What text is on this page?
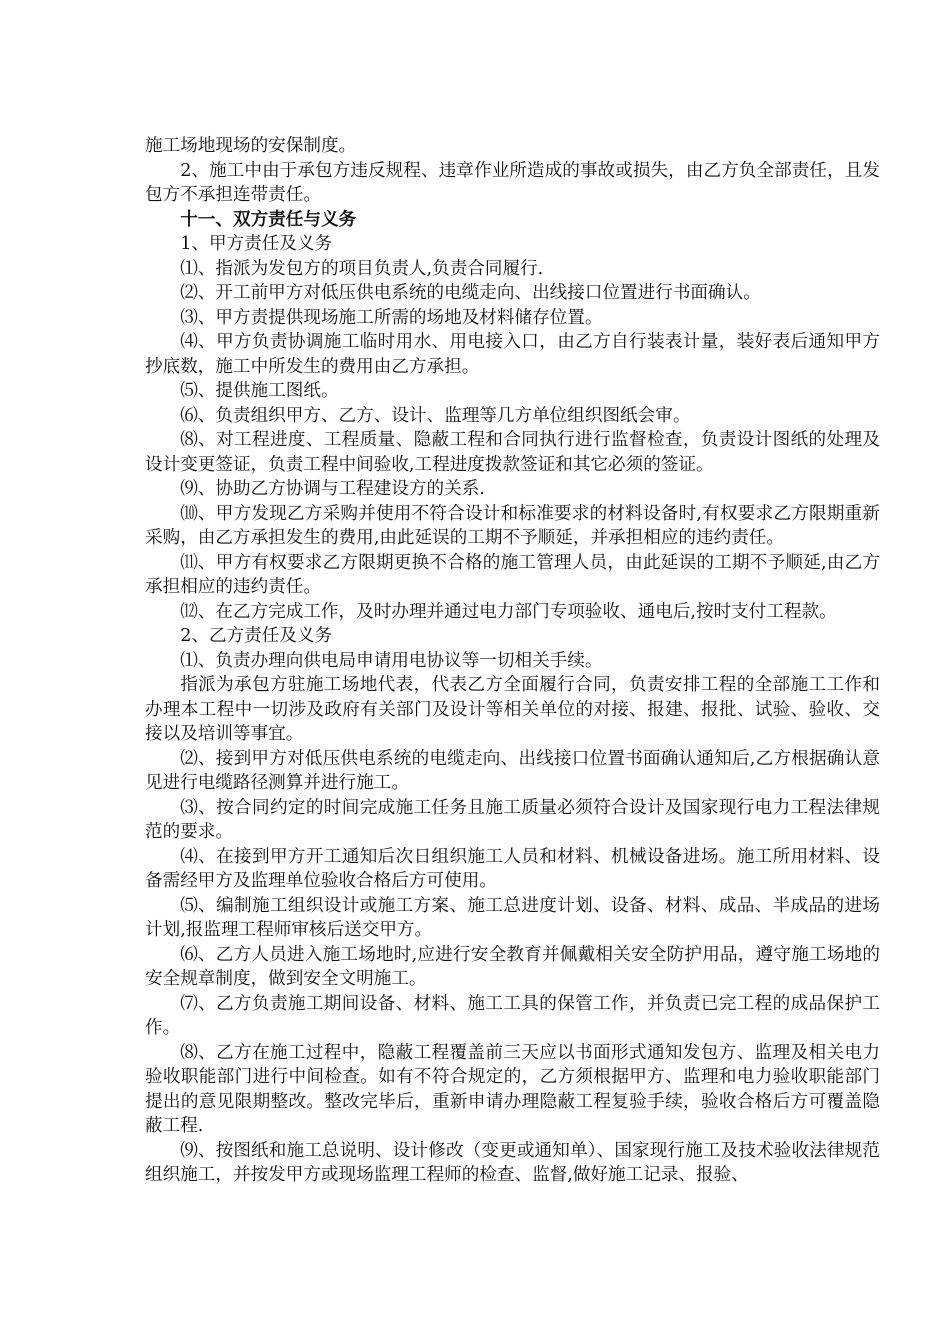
施工场地现场的安保制度。

2、施工中由于承包方违反规程、违章作业所造成的事故或损失，由乙方负全部责任，且发包方不承担连带责任。

十一、双方责任与义务

1、甲方责任及义务

⑴、指派为发包方的项目负责人,负责合同履行.

⑵、开工前甲方对低压供电系统的电缆走向、出线接口位置进行书面确认。

⑶、甲方责提供现场施工所需的场地及材料储存位置。

⑷、甲方负责协调施工临时用水、用电接入口，由乙方自行装表计量，装好表后通知甲方抄底数，施工中所发生的费用由乙方承担。

⑸、提供施工图纸。

⑹、负责组织甲方、乙方、设计、监理等几方单位组织图纸会审。

⑻、对工程进度、工程质量、隐蔽工程和合同执行进行监督检查，负责设计图纸的处理及设计变更签证，负责工程中间验收,工程进度拨款签证和其它必须的签证。

⑼、协助乙方协调与工程建设方的关系.

⑽、甲方发现乙方采购并使用不符合设计和标准要求的材料设备时,有权要求乙方限期重新采购，由乙方承担发生的费用,由此延误的工期不予顺延，并承担相应的违约责任。

⑾、甲方有权要求乙方限期更换不合格的施工管理人员，由此延误的工期不予顺延,由乙方承担相应的违约责任。

⑿、在乙方完成工作，及时办理并通过电力部门专项验收、通电后,按时支付工程款。

2、乙方责任及义务

⑴、负责办理向供电局申请用电协议等一切相关手续。

指派为承包方驻施工场地代表，代表乙方全面履行合同，负责安排工程的全部施工工作和办理本工程中一切涉及政府有关部门及设计等相关单位的对接、报建、报批、试验、验收、交接以及培训等事宜。

⑵、接到甲方对低压供电系统的电缆走向、出线接口位置书面确认通知后,乙方根据确认意见进行电缆路径测算并进行施工。

⑶、按合同约定的时间完成施工任务且施工质量必须符合设计及国家现行电力工程法律规范的要求。

⑷、在接到甲方开工通知后次日组织施工人员和材料、机械设备进场。施工所用材料、设备需经甲方及监理单位验收合格后方可使用。

⑸、编制施工组织设计或施工方案、施工总进度计划、设备、材料、成品、半成品的进场计划,报监理工程师审核后送交甲方。

⑹、乙方人员进入施工场地时,应进行安全教育并佩戴相关安全防护用品，遵守施工场地的安全规章制度，做到安全文明施工。

⑺、乙方负责施工期间设备、材料、施工工具的保管工作，并负责已完工程的成品保护工作。

⑻、乙方在施工过程中，隐蔽工程覆盖前三天应以书面形式通知发包方、监理及相关电力验收职能部门进行中间检查。如有不符合规定的，乙方须根据甲方、监理和电力验收职能部门提出的意见限期整改。整改完毕后，重新申请办理隐蔽工程复验手续，验收合格后方可覆盖隐蔽工程.

⑼、按图纸和施工总说明、设计修改（变更或通知单）、国家现行施工及技术验收法律规范组织施工，并按发甲方或现场监理工程师的检查、监督,做好施工记录、报验、
